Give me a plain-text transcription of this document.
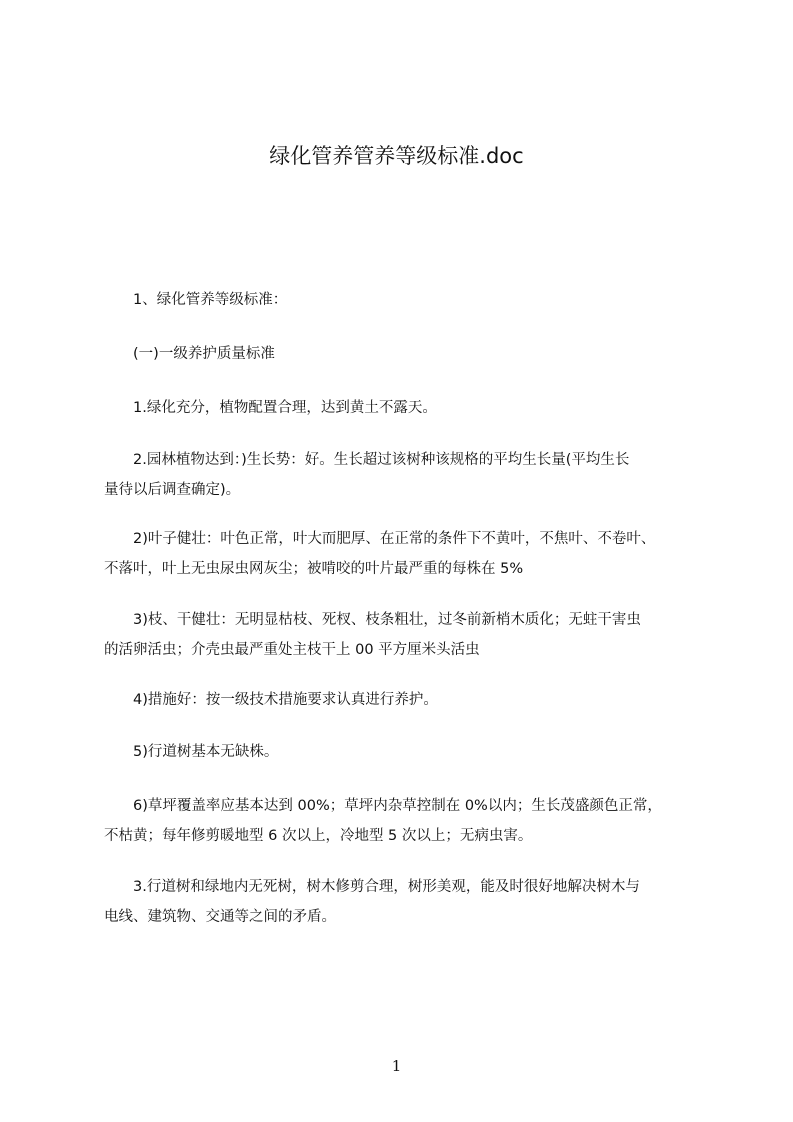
绿化管养管养等级标准.doc

　　1、绿化管养等级标准：

　　(一)一级养护质量标准

　　1.绿化充分，植物配置合理，达到黄土不露天。

　　2.园林植物达到：)生长势：好。生长超过该树种该规格的平均生长量(平均生长
量待以后调查确定)。

　　2)叶子健壮：叶色正常，叶大而肥厚、在正常的条件下不黄叶，不焦叶、不卷叶、
不落叶，叶上无虫尿虫网灰尘；被啃咬的叶片最严重的每株在 5%

　　3)枝、干健壮：无明显枯枝、死杈、枝条粗壮，过冬前新梢木质化；无蛀干害虫
的活卵活虫；介壳虫最严重处主枝干上 00 平方厘米头活虫

　　4)措施好：按一级技术措施要求认真进行养护。

　　5)行道树基本无缺株。

　　6)草坪覆盖率应基本达到 00%；草坪内杂草控制在 0%以内；生长茂盛颜色正常，
不枯黄；每年修剪暖地型 6 次以上，冷地型 5 次以上；无病虫害。

　　3.行道树和绿地内无死树，树木修剪合理，树形美观，能及时很好地解决树木与
电线、建筑物、交通等之间的矛盾。

1
